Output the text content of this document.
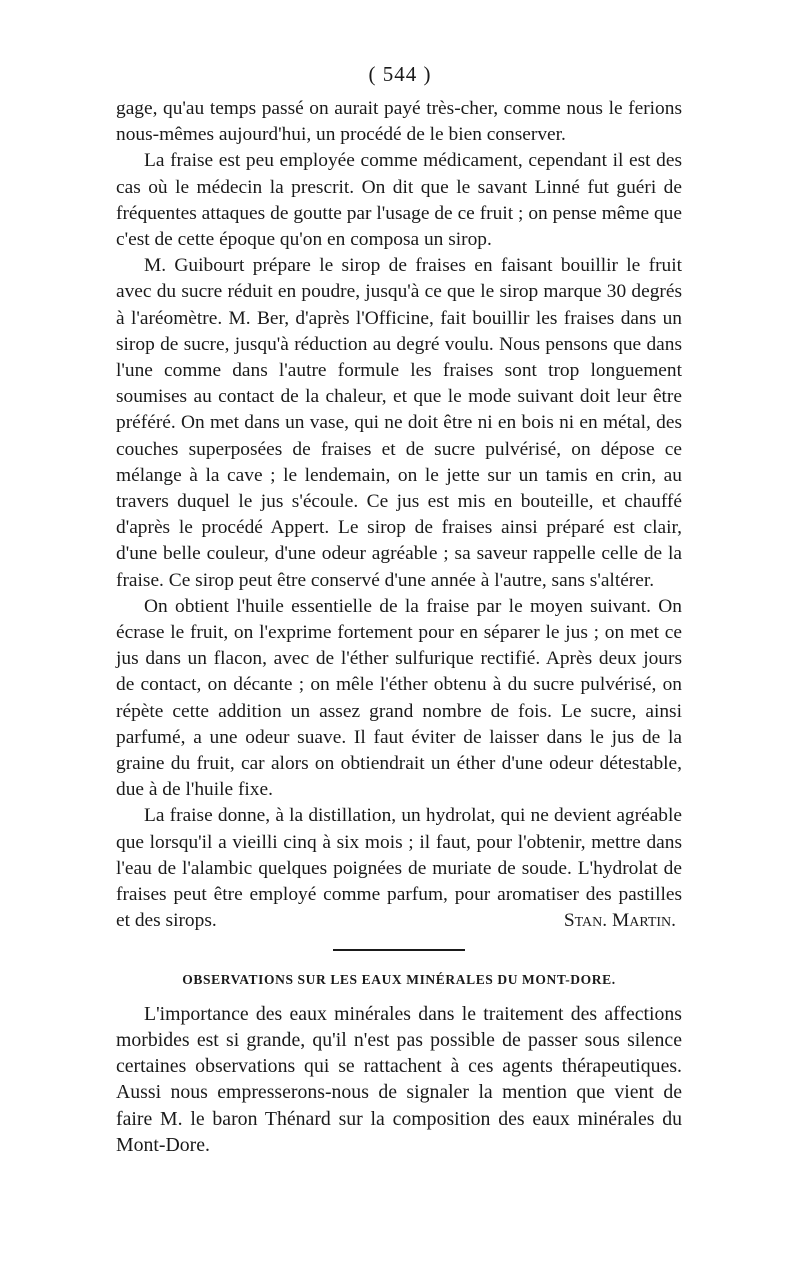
( 544 )

gage, qu'au temps passé on aurait payé très-cher, comme nous le ferions nous-mêmes aujourd'hui, un procédé de le bien conserver.

La fraise est peu employée comme médicament, cependant il est des cas où le médecin la prescrit. On dit que le savant Linné fut guéri de fréquentes attaques de goutte par l'usage de ce fruit ; on pense même que c'est de cette époque qu'on en composa un sirop.

M. Guibourt prépare le sirop de fraises en faisant bouillir le fruit avec du sucre réduit en poudre, jusqu'à ce que le sirop marque 30 degrés à l'aréomètre. M. Ber, d'après l'Officine, fait bouillir les fraises dans un sirop de sucre, jusqu'à réduction au degré voulu. Nous pensons que dans l'une comme dans l'autre formule les fraises sont trop longuement soumises au contact de la chaleur, et que le mode suivant doit leur être préféré. On met dans un vase, qui ne doit être ni en bois ni en métal, des couches superposées de fraises et de sucre pulvérisé, on dépose ce mélange à la cave ; le lendemain, on le jette sur un tamis en crin, au travers duquel le jus s'écoule. Ce jus est mis en bouteille, et chauffé d'après le procédé Appert. Le sirop de fraises ainsi préparé est clair, d'une belle couleur, d'une odeur agréable ; sa saveur rappelle celle de la fraise. Ce sirop peut être conservé d'une année à l'autre, sans s'altérer.

On obtient l'huile essentielle de la fraise par le moyen suivant. On écrase le fruit, on l'exprime fortement pour en séparer le jus ; on met ce jus dans un flacon, avec de l'éther sulfurique rectifié. Après deux jours de contact, on décante ; on mêle l'éther obtenu à du sucre pulvérisé, on répète cette addition un assez grand nombre de fois. Le sucre, ainsi parfumé, a une odeur suave. Il faut éviter de laisser dans le jus de la graine du fruit, car alors on obtiendrait un éther d'une odeur détestable, due à de l'huile fixe.

La fraise donne, à la distillation, un hydrolat, qui ne devient agréable que lorsqu'il a vieilli cinq à six mois ; il faut, pour l'obtenir, mettre dans l'eau de l'alambic quelques poignées de muriate de soude. L'hydrolat de fraises peut être employé comme parfum, pour aromatiser des pastilles et des sirops.	Stan. Martin.
OBSERVATIONS SUR LES EAUX MINÉRALES DU MONT-DORE.

L'importance des eaux minérales dans le traitement des affections morbides est si grande, qu'il n'est pas possible de passer sous silence certaines observations qui se rattachent à ces agents thérapeutiques. Aussi nous empresserons-nous de signaler la mention que vient de faire M. le baron Thénard sur la composition des eaux minérales du Mont-Dore.
